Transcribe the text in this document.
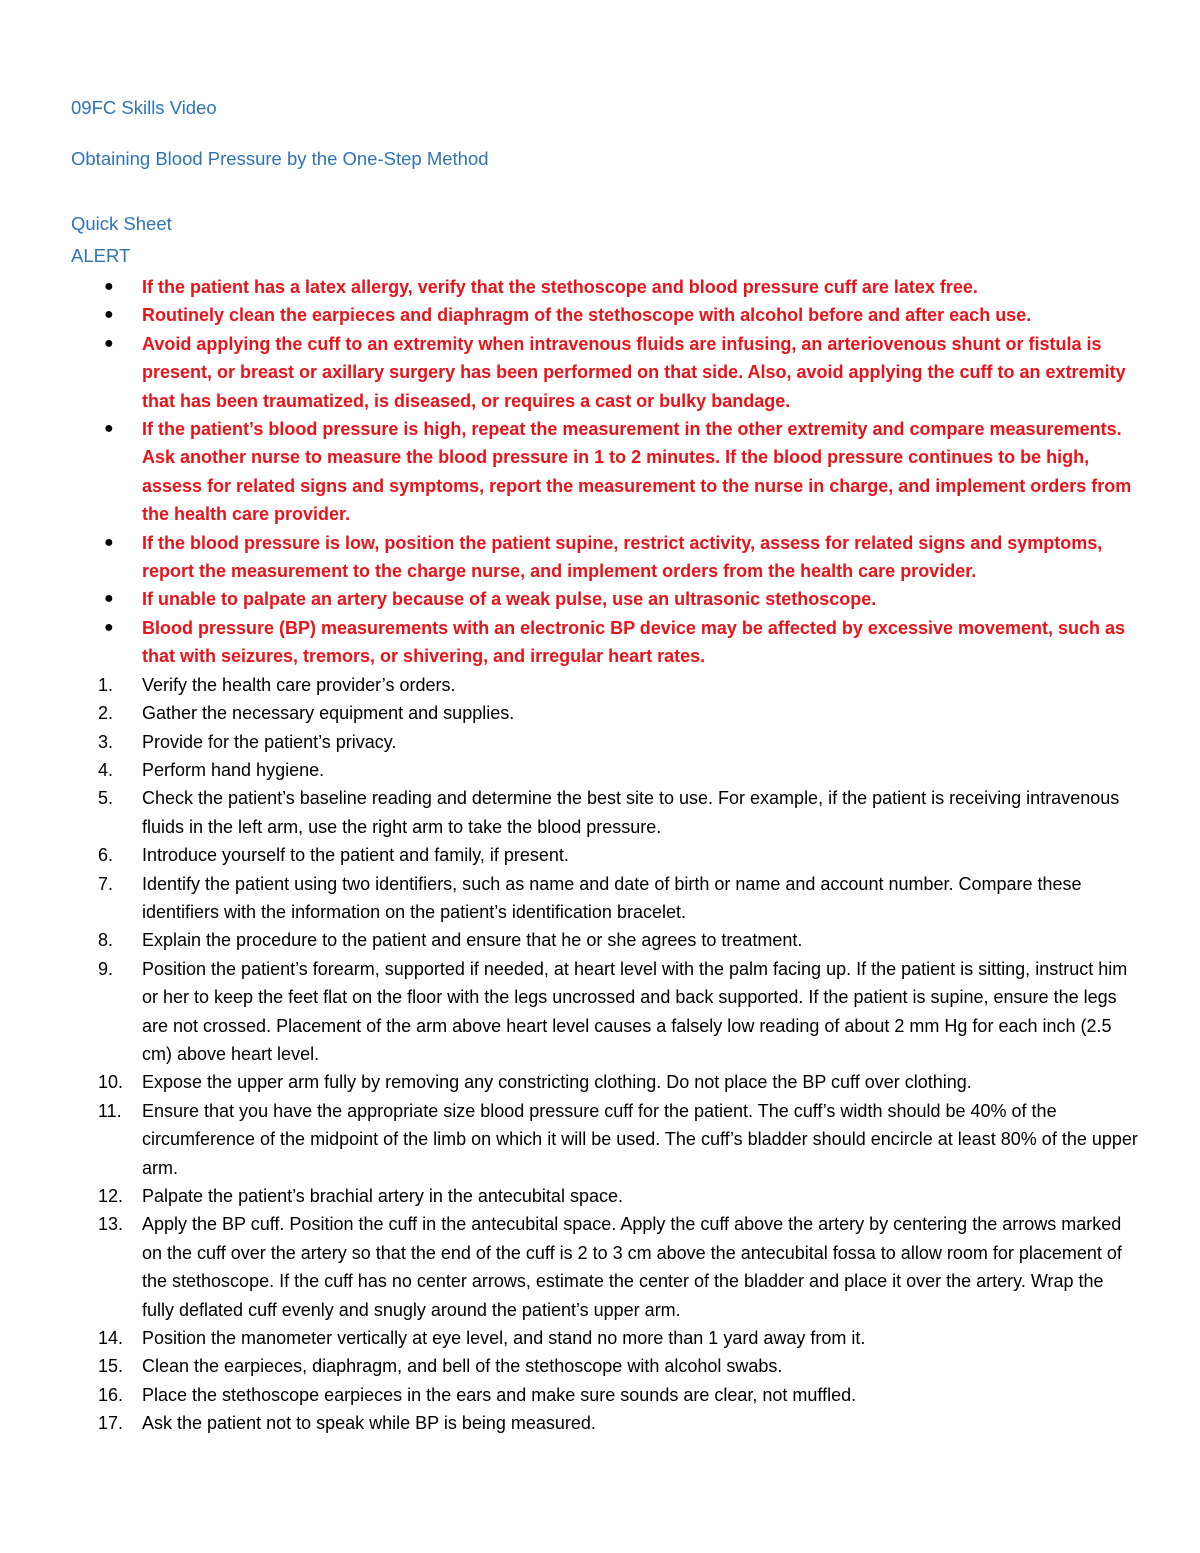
09FC Skills Video
Obtaining Blood Pressure by the One-Step Method
Quick Sheet
ALERT
● If the patient has a latex allergy, verify that the stethoscope and blood pressure cuff are latex free.
● Routinely clean the earpieces and diaphragm of the stethoscope with alcohol before and after each use.
● Avoid applying the cuff to an extremity when intravenous fluids are infusing, an arteriovenous shunt or fistula is present, or breast or axillary surgery has been performed on that side. Also, avoid applying the cuff to an extremity that has been traumatized, is diseased, or requires a cast or bulky bandage.
● If the patient’s blood pressure is high, repeat the measurement in the other extremity and compare measurements. Ask another nurse to measure the blood pressure in 1 to 2 minutes. If the blood pressure continues to be high, assess for related signs and symptoms, report the measurement to the nurse in charge, and implement orders from the health care provider.
● If the blood pressure is low, position the patient supine, restrict activity, assess for related signs and symptoms, report the measurement to the charge nurse, and implement orders from the health care provider.
● If unable to palpate an artery because of a weak pulse, use an ultrasonic stethoscope.
● Blood pressure (BP) measurements with an electronic BP device may be affected by excessive movement, such as that with seizures, tremors, or shivering, and irregular heart rates.
1.	Verify the health care provider’s orders.
2.	Gather the necessary equipment and supplies.
3.	Provide for the patient’s privacy.
4.	Perform hand hygiene.
5.	Check the patient’s baseline reading and determine the best site to use. For example, if the patient is receiving intravenous fluids in the left arm, use the right arm to take the blood pressure.
6.	Introduce yourself to the patient and family, if present.
7.	Identify the patient using two identifiers, such as name and date of birth or name and account number. Compare these identifiers with the information on the patient’s identification bracelet.
8.	Explain the procedure to the patient and ensure that he or she agrees to treatment.
9.	Position the patient’s forearm, supported if needed, at heart level with the palm facing up. If the patient is sitting, instruct him or her to keep the feet flat on the floor with the legs uncrossed and back supported. If the patient is supine, ensure the legs are not crossed. Placement of the arm above heart level causes a falsely low reading of about 2 mm Hg for each inch (2.5 cm) above heart level.
10.	Expose the upper arm fully by removing any constricting clothing. Do not place the BP cuff over clothing.
11.	Ensure that you have the appropriate size blood pressure cuff for the patient. The cuff’s width should be 40% of the circumference of the midpoint of the limb on which it will be used. The cuff’s bladder should encircle at least 80% of the upper arm.
12.	Palpate the patient’s brachial artery in the antecubital space.
13.	Apply the BP cuff. Position the cuff in the antecubital space. Apply the cuff above the artery by centering the arrows marked on the cuff over the artery so that the end of the cuff is 2 to 3 cm above the antecubital fossa to allow room for placement of the stethoscope. If the cuff has no center arrows, estimate the center of the bladder and place it over the artery. Wrap the fully deflated cuff evenly and snugly around the patient’s upper arm.
14.	Position the manometer vertically at eye level, and stand no more than 1 yard away from it.
15.	Clean the earpieces, diaphragm, and bell of the stethoscope with alcohol swabs.
16.	Place the stethoscope earpieces in the ears and make sure sounds are clear, not muffled.
17.	Ask the patient not to speak while BP is being measured.
